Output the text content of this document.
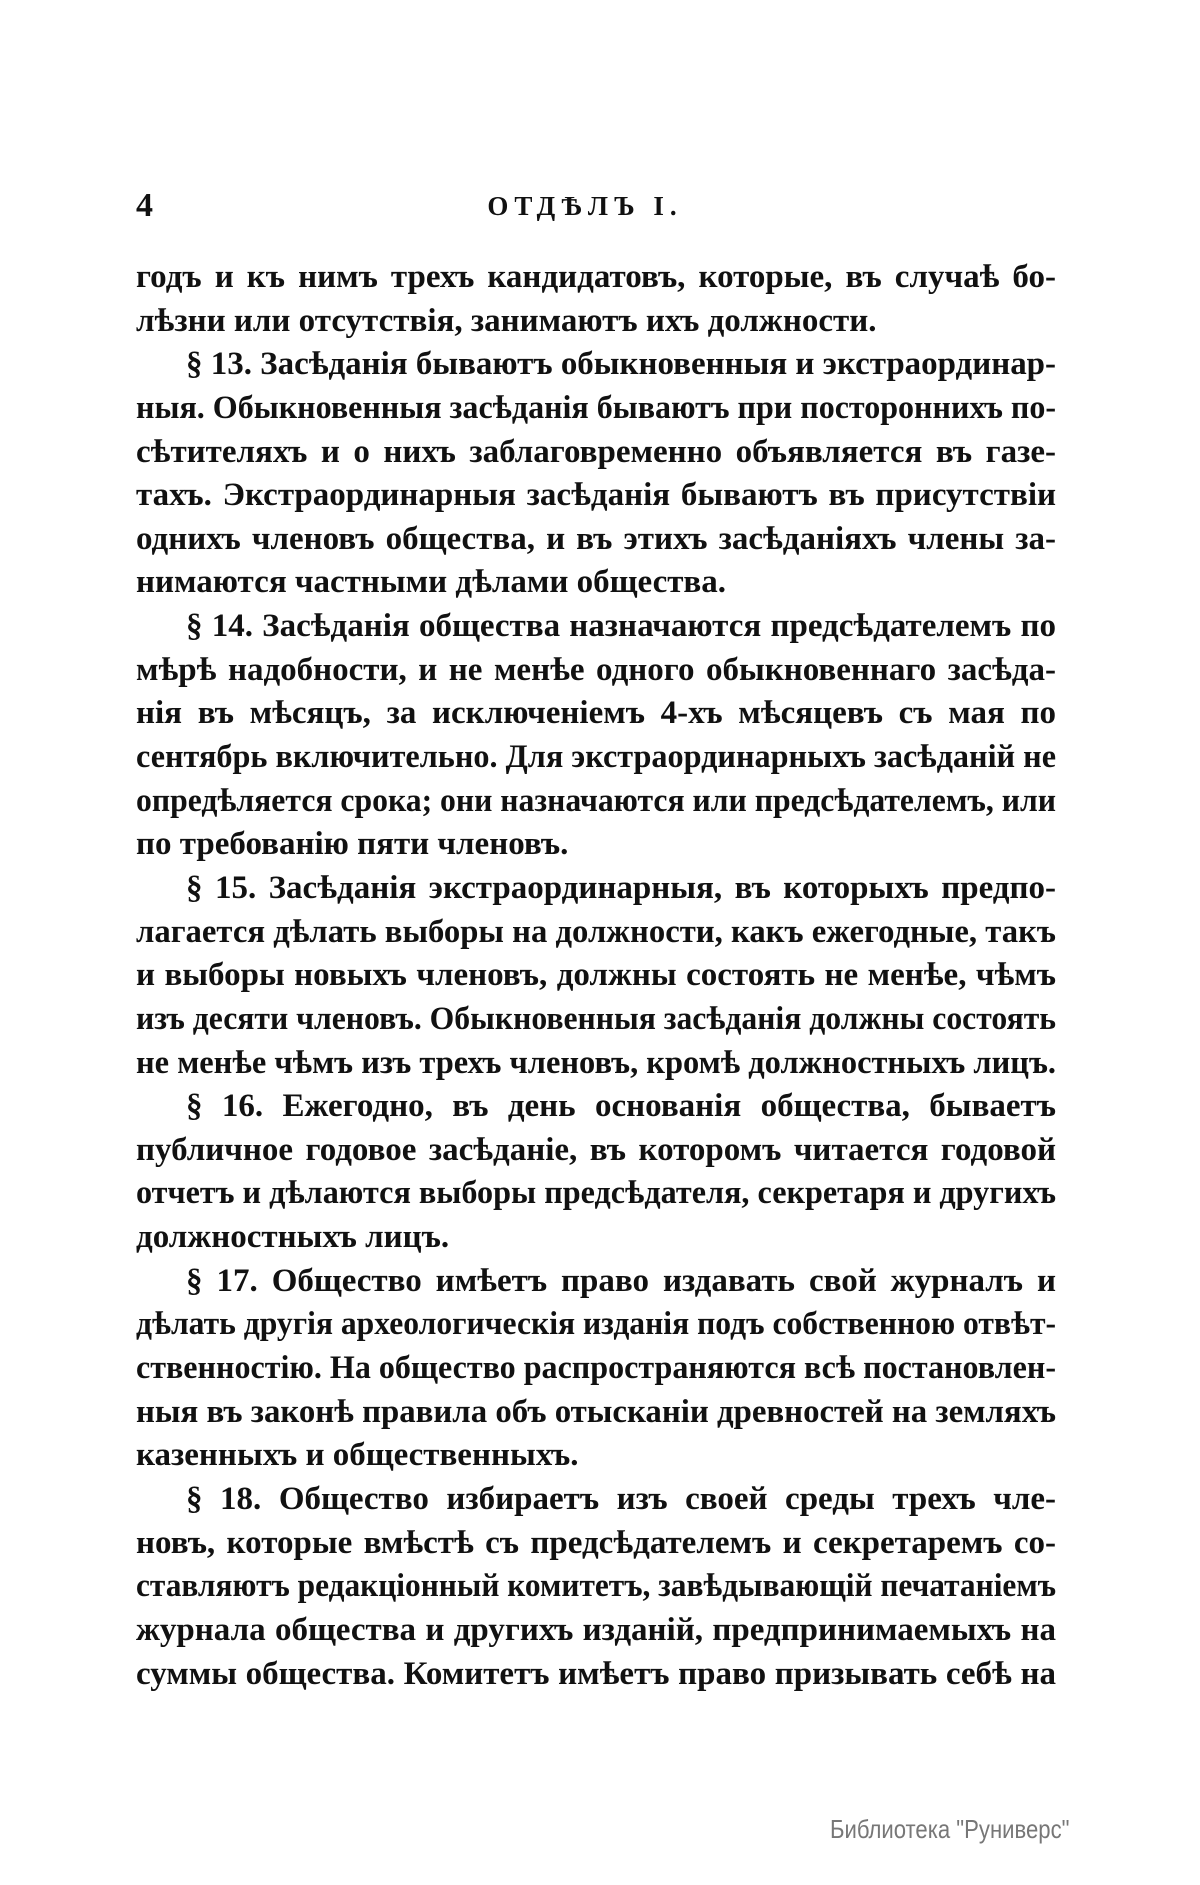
4	ОТДѢЛЪ I.
годъ и къ нимъ трехъ кандидатовъ, которые, въ случаѣ бо-
лѣзни или отсутствія, занимаютъ ихъ должности.
§ 13. Засѣданія бываютъ обыкновенныя и экстраординар-
ныя. Обыкновенныя засѣданія бываютъ при постороннихъ по-
сѣтителяхъ и о нихъ заблаговременно объявляется въ газе-
тахъ. Экстраординарныя засѣданія бываютъ въ присутствіи
однихъ членовъ общества, и въ этихъ засѣданіяхъ члены за-
нимаются частными дѣлами общества.
§ 14. Засѣданія общества назначаются предсѣдателемъ по
мѣрѣ надобности, и не менѣе одного обыкновеннаго засѣда-
нія въ мѣсяцъ, за исключеніемъ 4-хъ мѣсяцевъ съ мая по
сентябрь включительно. Для экстраординарныхъ засѣданій не
опредѣляется срока; они назначаются или предсѣдателемъ, или
по требованію пяти членовъ.
§ 15. Засѣданія экстраординарныя, въ которыхъ предпо-
лагается дѣлать выборы на должности, какъ ежегодные, такъ
и выборы новыхъ членовъ, должны состоять не менѣе, чѣмъ
изъ десяти членовъ. Обыкновенныя засѣданія должны состоять
не менѣе чѣмъ изъ трехъ членовъ, кромѣ должностныхъ лицъ.
§ 16. Ежегодно, въ день основанія общества, бываетъ
публичное годовое засѣданіе, въ которомъ читается годовой
отчетъ и дѣлаются выборы предсѣдателя, секретаря и другихъ
должностныхъ лицъ.
§ 17. Общество имѣетъ право издавать свой журналъ и
дѣлать другія археологическія изданія подъ собственною отвѣт-
ственностію. На общество распространяются всѣ постановлен-
ныя въ законѣ правила объ отысканіи древностей на земляхъ
казенныхъ и общественныхъ.
§ 18. Общество избираетъ изъ своей среды трехъ чле-
новъ, которые вмѣстѣ съ предсѣдателемъ и секретаремъ со-
ставляютъ редакціонный комитетъ, завѣдывающій печатаніемъ
журнала общества и другихъ изданій, предпринимаемыхъ на
суммы общества. Комитетъ имѣетъ право призывать себѣ на
Библиотека "Руниверс"
